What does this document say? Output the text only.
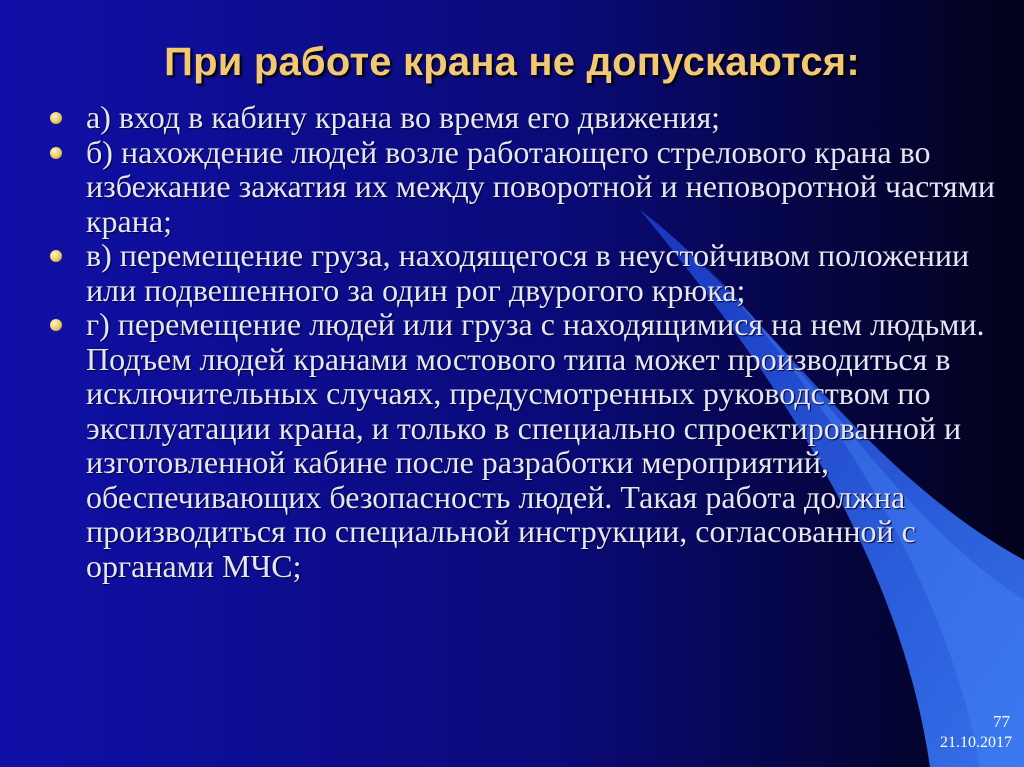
При работе крана не допускаются:
а) вход в кабину крана во время его движения;
б) нахождение людей возле работающего стрелового крана во избежание зажатия их между поворотной и неповоротной частями крана;
в) перемещение груза, находящегося в неустойчивом положении или подвешенного за один рог двурогого крюка;
г) перемещение людей или груза с находящимися на нем людьми. Подъем людей кранами мостового типа может производиться в исключительных случаях, предусмотренных руководством по эксплуатации крана, и только в специально спроектированной и изготовленной кабине после разработки мероприятий, обеспечивающих безопасность людей. Такая работа должна производиться по специальной инструкции, согласованной с органами МЧС;
77
21.10.2017
